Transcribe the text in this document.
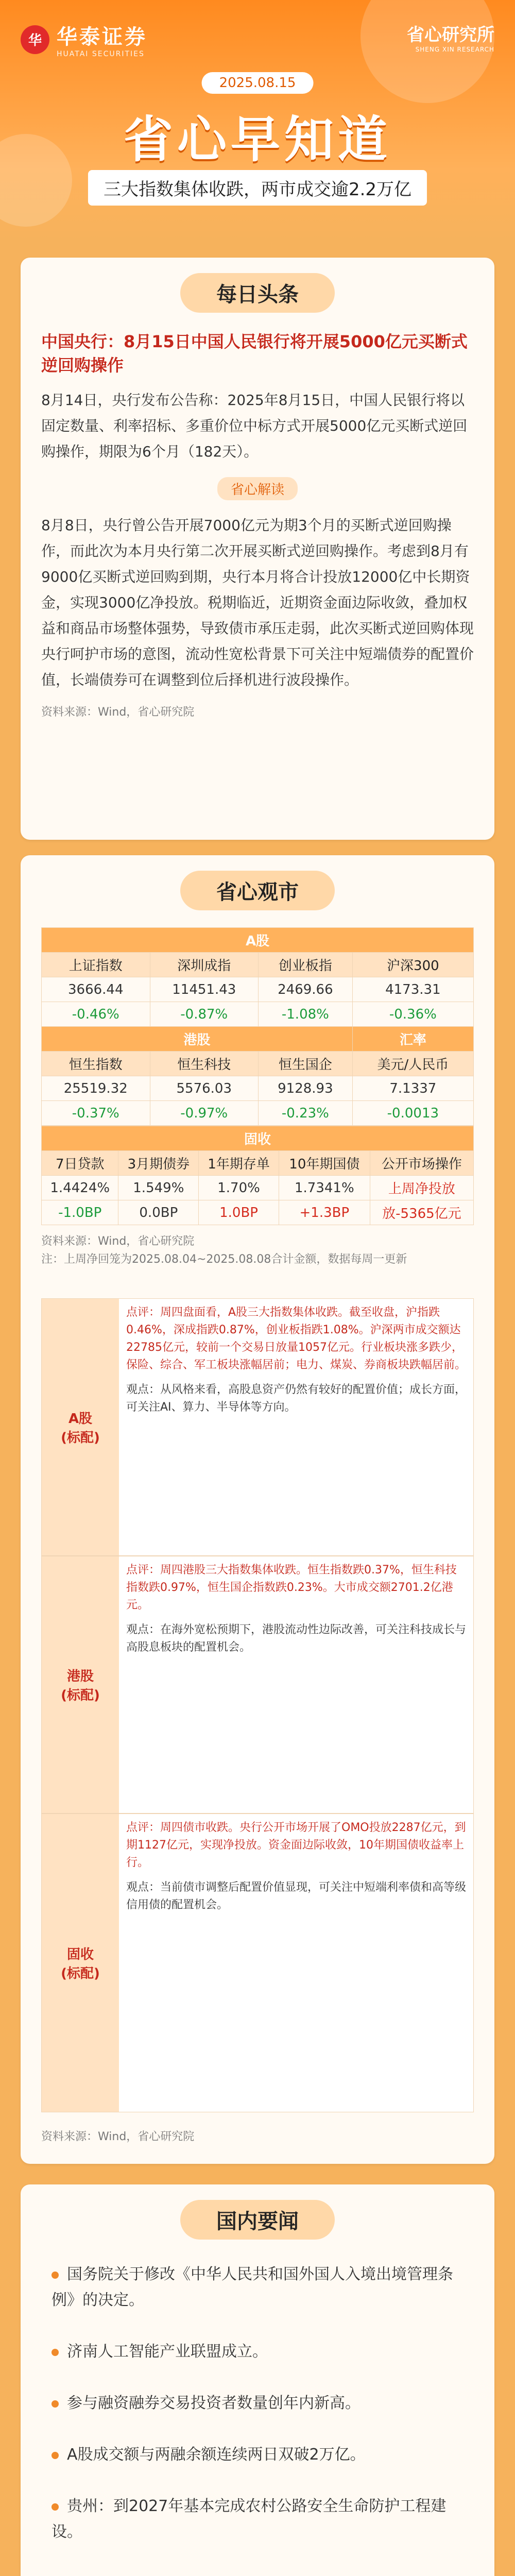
华 华泰证券
HUATAI SECURITIES
省心研究所
SHENG XIN RESEARCH
2025.08.15
省心早知道
三大指数集体收跌，两市成交逾2.2万亿
每日头条
中国央行：8月15日中国人民银行将开展5000亿元买断式逆回购操作
8月14日，央行发布公告称：2025年8月15日，中国人民银行将以固定数量、利率招标、多重价位中标方式开展5000亿元买断式逆回购操作，期限为6个月（182天）。
省心解读
8月8日，央行曾公告开展7000亿元为期3个月的买断式逆回购操作，而此次为本月央行第二次开展买断式逆回购操作。考虑到8月有9000亿买断式逆回购到期，央行本月将合计投放12000亿中长期资金，实现3000亿净投放。税期临近，近期资金面边际收敛，叠加权益和商品市场整体强势，导致债市承压走弱，此次买断式逆回购体现央行呵护市场的意图，流动性宽松背景下可关注中短端债券的配置价值，长端债券可在调整到位后择机进行波段操作。
资料来源：Wind，省心研究院
省心观市
A股			
上证指数	深圳成指	创业板指	沪深300
3666.44	11451.43	2469.66	4173.31
-0.46%	-0.87%	-1.08%	-0.36%
港股			汇率
恒生指数	恒生科技	恒生国企	美元/人民币
25519.32	5576.03	9128.93	7.1337
-0.37%	-0.97%	-0.23%	-0.0013
固收				
7日贷款	3月期债券	1年期存单	10年期国债	公开市场操作
1.4424%	1.549%	1.70%	1.7341%	上周净投放
-1.0BP	0.0BP	1.0BP	+1.3BP	放-5365亿元
资料来源：Wind，省心研究院
注：上周净回笼为2025.08.04~2025.08.08合计金额，数据每周一更新
A股
(标配)
点评：周四盘面看，A股三大指数集体收跌。截至收盘，沪指跌0.46%，深成指跌0.87%，创业板指跌1.08%。沪深两市成交额达22785亿元，较前一个交易日放量1057亿元。行业板块涨多跌少，保险、综合、军工板块涨幅居前；电力、煤炭、券商板块跌幅居前。
观点：从风格来看，高股息资产仍然有较好的配置价值；成长方面，可关注AI、算力、半导体等方向。
港股
(标配)
点评：周四港股三大指数集体收跌。恒生指数跌0.37%，恒生科技指数跌0.97%，恒生国企指数跌0.23%。大市成交额2701.2亿港元。
观点：在海外宽松预期下，港股流动性边际改善，可关注科技成长与高股息板块的配置机会。
固收
(标配)
点评：周四债市收跌。央行公开市场开展了OMO投放2287亿元，到期1127亿元，实现净投放。资金面边际收敛，10年期国债收益率上行。
观点：当前债市调整后配置价值显现，可关注中短端利率债和高等级信用债的配置机会。
资料来源：Wind，省心研究院
国内要闻
国务院关于修改《中华人民共和国外国人入境出境管理条例》的决定。
济南人工智能产业联盟成立。
参与融资融券交易投资者数量创年内新高。
A股成交额与两融余额连续两日双破2万亿。
贵州：到2027年基本完成农村公路安全生命防护工程建设。
